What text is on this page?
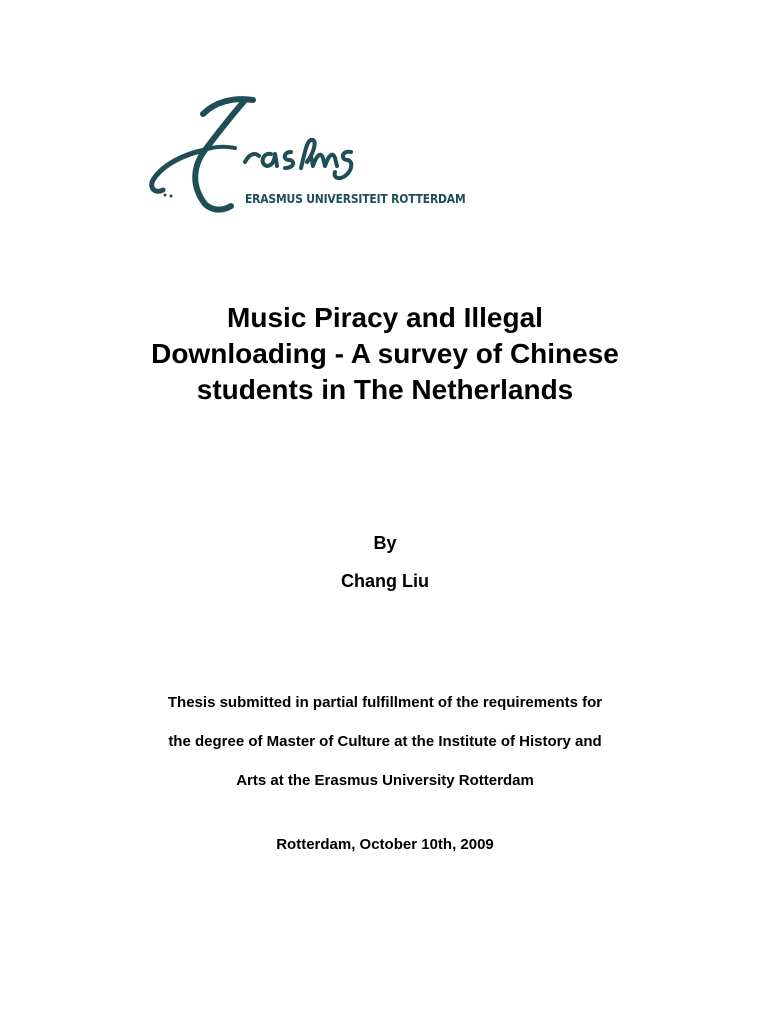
ERASMUS UNIVERSITEIT ROTTERDAM
Music Piracy and Illegal
Downloading - A survey of Chinese
students in The Netherlands
By
Chang Liu
Thesis submitted in partial fulfillment of the requirements for
the degree of Master of Culture at the Institute of History and
Arts at the Erasmus University Rotterdam
Rotterdam, October 10th, 2009
